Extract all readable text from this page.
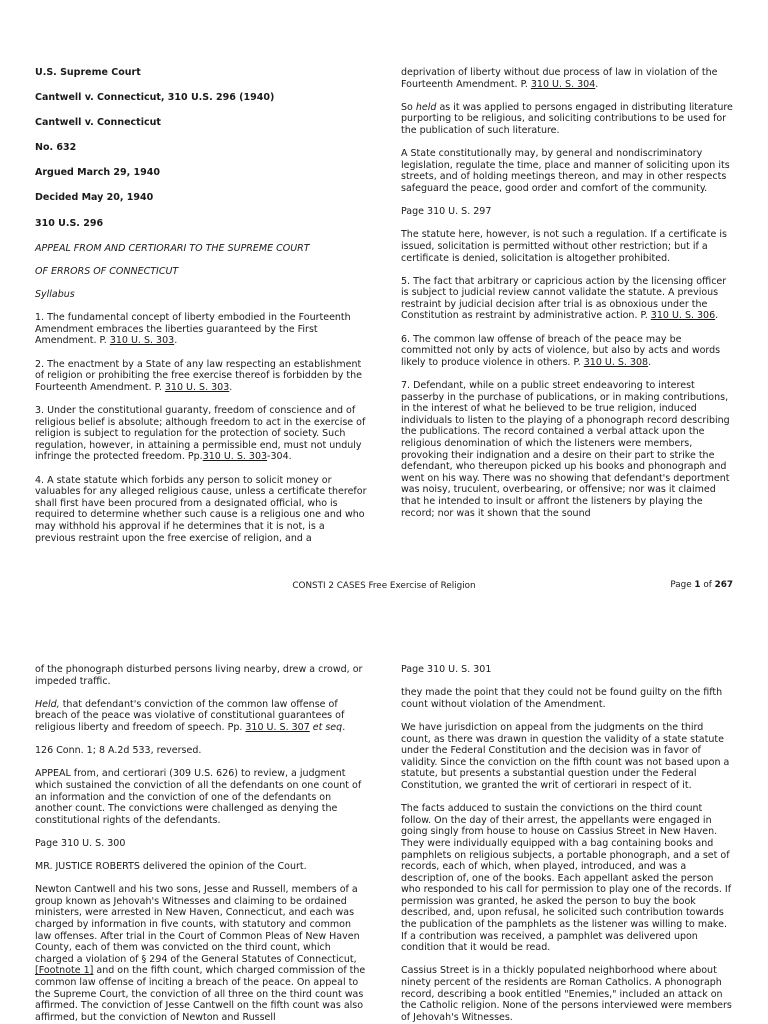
U.S. Supreme Court

Cantwell v. Connecticut, 310 U.S. 296 (1940)

Cantwell v. Connecticut

No. 632

Argued March 29, 1940

Decided May 20, 1940

310 U.S. 296

APPEAL FROM AND CERTIORARI TO THE SUPREME COURT

OF ERRORS OF CONNECTICUT

Syllabus

1. The fundamental concept of liberty embodied in the Fourteenth Amendment embraces the liberties guaranteed by the First Amendment. P. 310 U. S. 303.

2. The enactment by a State of any law respecting an establishment of religion or prohibiting the free exercise thereof is forbidden by the Fourteenth Amendment. P. 310 U. S. 303.

3. Under the constitutional guaranty, freedom of conscience and of religious belief is absolute; although freedom to act in the exercise of religion is subject to regulation for the protection of society. Such regulation, however, in attaining a permissible end, must not unduly infringe the protected freedom. Pp.310 U. S. 303-304.

4. A state statute which forbids any person to solicit money or valuables for any alleged religious cause, unless a certificate therefor shall first have been procured from a designated official, who is required to determine whether such cause is a religious one and who may withhold his approval if he determines that it is not, is a previous restraint upon the free exercise of religion, and a

deprivation of liberty without due process of law in violation of the Fourteenth Amendment. P. 310 U. S. 304.

So held as it was applied to persons engaged in distributing literature purporting to be religious, and soliciting contributions to be used for the publication of such literature.

A State constitutionally may, by general and nondiscriminatory legislation, regulate the time, place and manner of soliciting upon its streets, and of holding meetings thereon, and may in other respects safeguard the peace, good order and comfort of the community.

Page 310 U. S. 297

The statute here, however, is not such a regulation. If a certificate is issued, solicitation is permitted without other restriction; but if a certificate is denied, solicitation is altogether prohibited.

5. The fact that arbitrary or capricious action by the licensing officer is subject to judicial review cannot validate the statute. A previous restraint by judicial decision after trial is as obnoxious under the Constitution as restraint by administrative action. P. 310 U. S. 306.

6. The common law offense of breach of the peace may be committed not only by acts of violence, but also by acts and words likely to produce violence in others. P. 310 U. S. 308.

7. Defendant, while on a public street endeavoring to interest passerby in the purchase of publications, or in making contributions, in the interest of what he believed to be true religion, induced individuals to listen to the playing of a phonograph record describing the publications. The record contained a verbal attack upon the religious denomination of which the listeners were members, provoking their indignation and a desire on their part to strike the defendant, who thereupon picked up his books and phonograph and went on his way. There was no showing that defendant's deportment was noisy, truculent, overbearing, or offensive; nor was it claimed that he intended to insult or affront the listeners by playing the record; nor was it shown that the sound

CONSTI 2 CASES Free Exercise of Religion	Page 1 of 267

of the phonograph disturbed persons living nearby, drew a crowd, or impeded traffic.

Held, that defendant's conviction of the common law offense of breach of the peace was violative of constitutional guarantees of religious liberty and freedom of speech. Pp. 310 U. S. 307 et seq.

126 Conn. 1; 8 A.2d 533, reversed.

APPEAL from, and certiorari (309 U.S. 626) to review, a judgment which sustained the conviction of all the defendants on one count of an information and the conviction of one of the defendants on another count. The convictions were challenged as denying the constitutional rights of the defendants.

Page 310 U. S. 300

MR. JUSTICE ROBERTS delivered the opinion of the Court.

Newton Cantwell and his two sons, Jesse and Russell, members of a group known as Jehovah's Witnesses and claiming to be ordained ministers, were arrested in New Haven, Connecticut, and each was charged by information in five counts, with statutory and common law offenses. After trial in the Court of Common Pleas of New Haven County, each of them was convicted on the third count, which charged a violation of § 294 of the General Statutes of Connecticut, [Footnote 1] and on the fifth count, which charged commission of the common law offense of inciting a breach of the peace. On appeal to the Supreme Court, the conviction of all three on the third count was affirmed. The conviction of Jesse Cantwell on the fifth count was also affirmed, but the conviction of Newton and Russell

Page 310 U. S. 301

they made the point that they could not be found guilty on the fifth count without violation of the Amendment.

We have jurisdiction on appeal from the judgments on the third count, as there was drawn in question the validity of a state statute under the Federal Constitution and the decision was in favor of validity. Since the conviction on the fifth count was not based upon a statute, but presents a substantial question under the Federal Constitution, we granted the writ of certiorari in respect of it.

The facts adduced to sustain the convictions on the third count follow. On the day of their arrest, the appellants were engaged in going singly from house to house on Cassius Street in New Haven. They were individually equipped with a bag containing books and pamphlets on religious subjects, a portable phonograph, and a set of records, each of which, when played, introduced, and was a description of, one of the books. Each appellant asked the person who responded to his call for permission to play one of the records. If permission was granted, he asked the person to buy the book described, and, upon refusal, he solicited such contribution towards the publication of the pamphlets as the listener was willing to make. If a contribution was received, a pamphlet was delivered upon condition that it would be read.

Cassius Street is in a thickly populated neighborhood where about ninety percent of the residents are Roman Catholics. A phonograph record, describing a book entitled "Enemies," included an attack on the Catholic religion. None of the persons interviewed were members of Jehovah's Witnesses.
